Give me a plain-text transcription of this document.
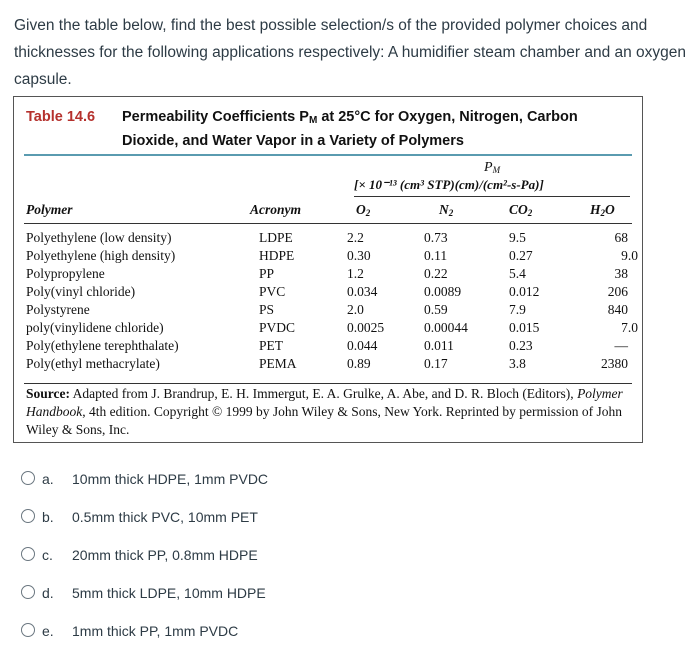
Given the table below, find the best possible selection/s of the provided polymer choices and thicknesses for the following applications respectively: A humidifier steam chamber and an oxygen capsule.
Table 14.6 Permeability Coefficients $P_M$ at 25°C for Oxygen, Nitrogen, Carbon Dioxide, and Water Vapor in a Variety of Polymers
PM
[× 10⁻¹³ (cm³ STP)(cm)/(cm²-s-Pa)]
Polymer	Acronym	O2	N2	CO2	H2O
Polyethylene (low density)	LDPE	2.2	0.73	9.5	68
Polyethylene (high density)	HDPE	0.30	0.11	0.27	9.0
Polypropylene	PP	1.2	0.22	5.4	38
Poly(vinyl chloride)	PVC	0.034	0.0089	0.012	206
Polystyrene	PS	2.0	0.59	7.9	840
poly(vinylidene chloride)	PVDC	0.0025	0.00044	0.015	7.0
Poly(ethylene terephthalate)	PET	0.044	0.011	0.23	—
Poly(ethyl methacrylate)	PEMA	0.89	0.17	3.8	2380
Source: Adapted from J. Brandrup, E. H. Immergut, E. A. Grulke, A. Abe, and D. R. Bloch (Editors), Polymer Handbook, 4th edition. Copyright © 1999 by John Wiley & Sons, New York. Reprinted by permission of John Wiley & Sons, Inc.
a. 10mm thick HDPE, 1mm PVDC
b. 0.5mm thick PVC, 10mm PET
c. 20mm thick PP, 0.8mm HDPE
d. 5mm thick LDPE, 10mm HDPE
e. 1mm thick PP, 1mm PVDC
